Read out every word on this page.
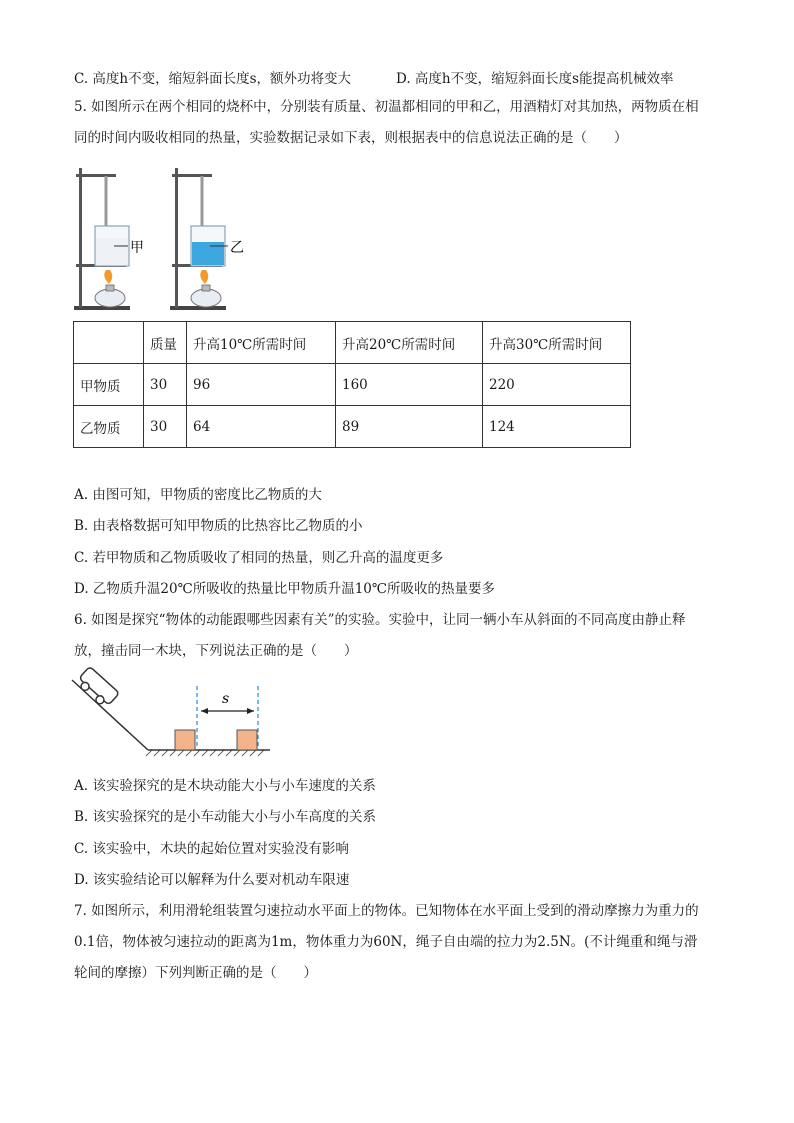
C. 高度h不变，缩短斜面长度s，额外功将变大	D. 高度h不变，缩短斜面长度s能提高机械效率
5. 如图所示在两个相同的烧杯中，分别装有质量、初温都相同的甲和乙，用酒精灯对其加热，两物质在相
同的时间内吸收相同的热量，实验数据记录如下表，则根据表中的信息说法正确的是（　　）
甲	乙
	质量	升高10℃所需时间	升高20℃所需时间	升高30℃所需时间
甲物质	30	96	160	220
乙物质	30	64	89	124
A. 由图可知，甲物质的密度比乙物质的大
B. 由表格数据可知甲物质的比热容比乙物质的小
C. 若甲物质和乙物质吸收了相同的热量，则乙升高的温度更多
D. 乙物质升温20℃所吸收的热量比甲物质升温10℃所吸收的热量要多
6. 如图是探究“物体的动能跟哪些因素有关”的实验。实验中，让同一辆小车从斜面的不同高度由静止释
放，撞击同一木块，下列说法正确的是（　　）
s
A. 该实验探究的是木块动能大小与小车速度的关系
B. 该实验探究的是小车动能大小与小车高度的关系
C. 该实验中，木块的起始位置对实验没有影响
D. 该实验结论可以解释为什么要对机动车限速
7. 如图所示，利用滑轮组装置匀速拉动水平面上的物体。已知物体在水平面上受到的滑动摩擦力为重力的
0.1倍，物体被匀速拉动的距离为1m，物体重力为60N，绳子自由端的拉力为2.5N。(不计绳重和绳与滑
轮间的摩擦）下列判断正确的是（　　）
